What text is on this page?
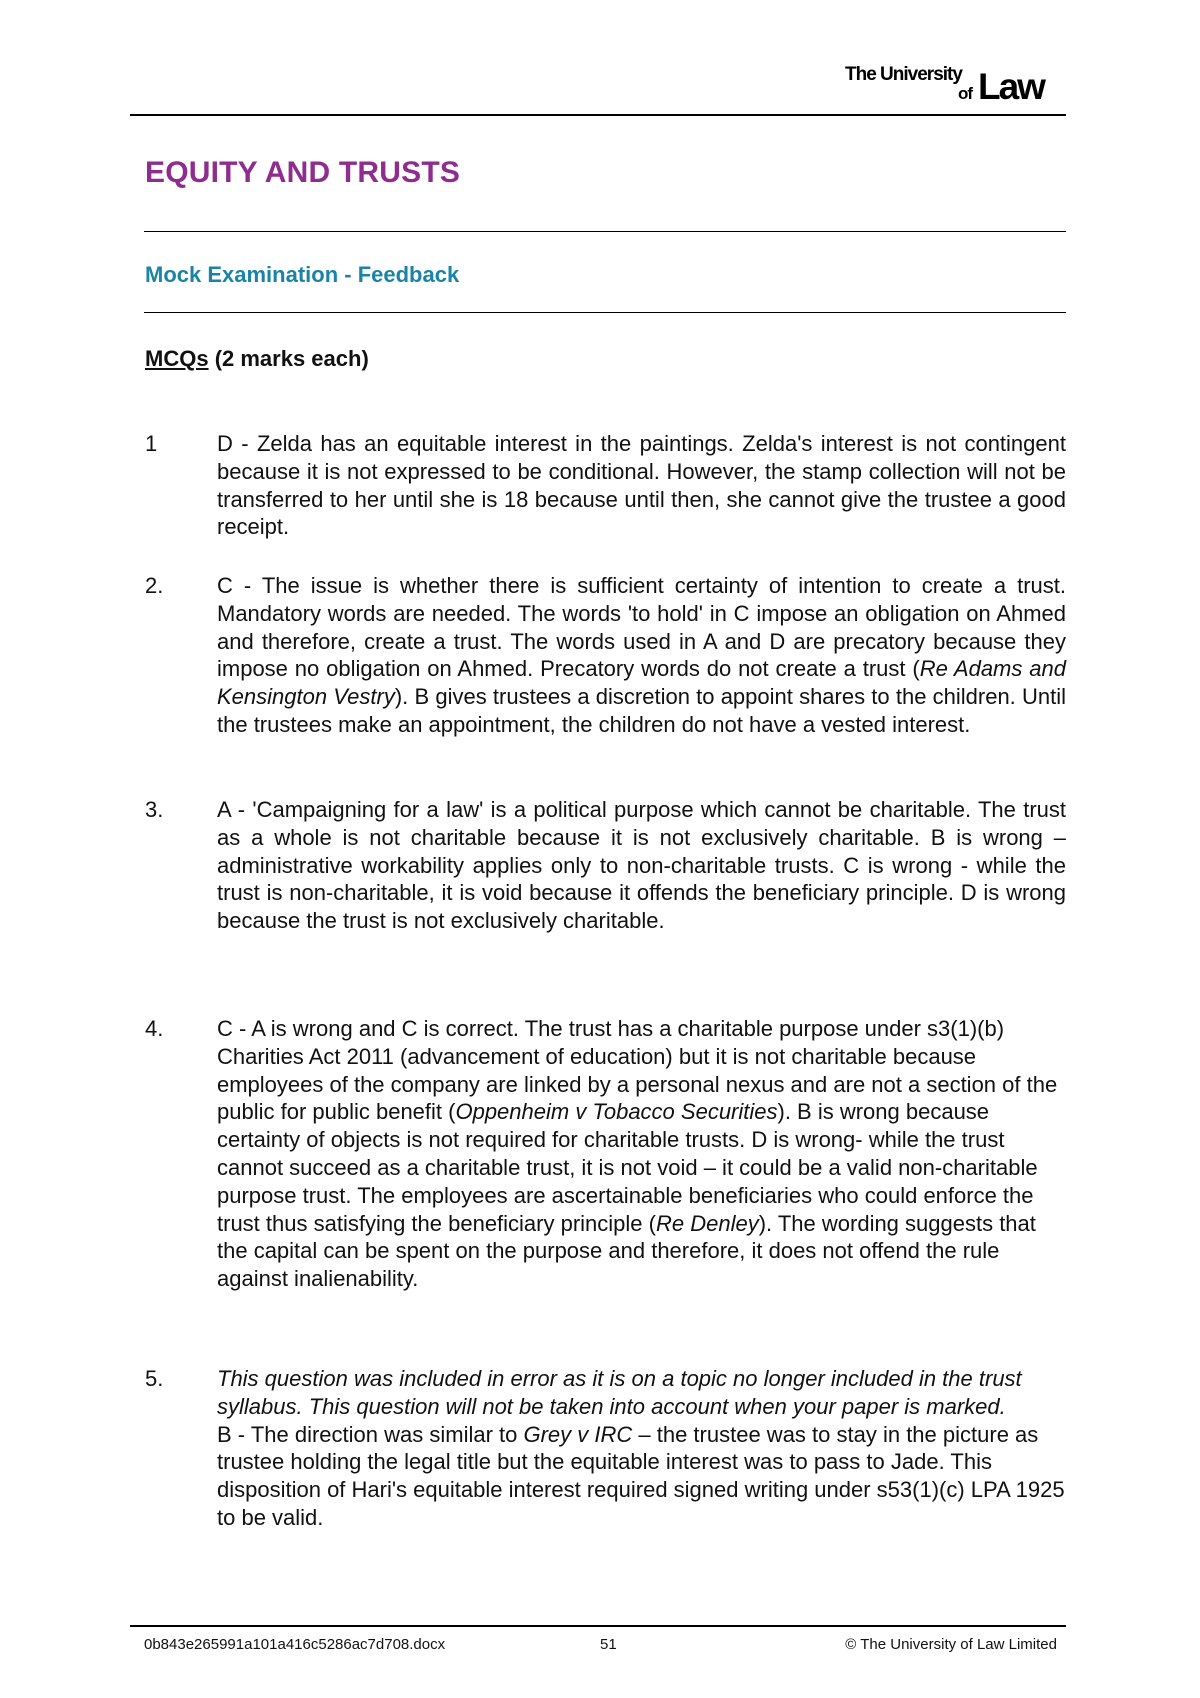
The University
of Law
EQUITY AND TRUSTS
Mock Examination - Feedback
MCQs (2 marks each)
1	D - Zelda has an equitable interest in the paintings. Zelda's interest is not contingent because it is not expressed to be conditional. However, the stamp collection will not be transferred to her until she is 18 because until then, she cannot give the trustee a good receipt.
2.	C - The issue is whether there is sufficient certainty of intention to create a trust. Mandatory words are needed. The words 'to hold' in C impose an obligation on Ahmed and therefore, create a trust. The words used in A and D are precatory because they impose no obligation on Ahmed. Precatory words do not create a trust (Re Adams and Kensington Vestry). B gives trustees a discretion to appoint shares to the children. Until the trustees make an appointment, the children do not have a vested interest.
3.	A - 'Campaigning for a law' is a political purpose which cannot be charitable. The trust as a whole is not charitable because it is not exclusively charitable. B is wrong – administrative workability applies only to non-charitable trusts. C is wrong - while the trust is non-charitable, it is void because it offends the beneficiary principle. D is wrong because the trust is not exclusively charitable.
4.	C - A is wrong and C is correct. The trust has a charitable purpose under s3(1)(b) Charities Act 2011 (advancement of education) but it is not charitable because employees of the company are linked by a personal nexus and are not a section of the public for public benefit (Oppenheim v Tobacco Securities). B is wrong because certainty of objects is not required for charitable trusts. D is wrong- while the trust cannot succeed as a charitable trust, it is not void – it could be a valid non-charitable purpose trust. The employees are ascertainable beneficiaries who could enforce the trust thus satisfying the beneficiary principle (Re Denley). The wording suggests that the capital can be spent on the purpose and therefore, it does not offend the rule against inalienability.
5.	This question was included in error as it is on a topic no longer included in the trust syllabus. This question will not be taken into account when your paper is marked.
B - The direction was similar to Grey v IRC – the trustee was to stay in the picture as trustee holding the legal title but the equitable interest was to pass to Jade. This disposition of Hari's equitable interest required signed writing under s53(1)(c) LPA 1925 to be valid.
0b843e265991a101a416c5286ac7d708.docx	51	© The University of Law Limited
